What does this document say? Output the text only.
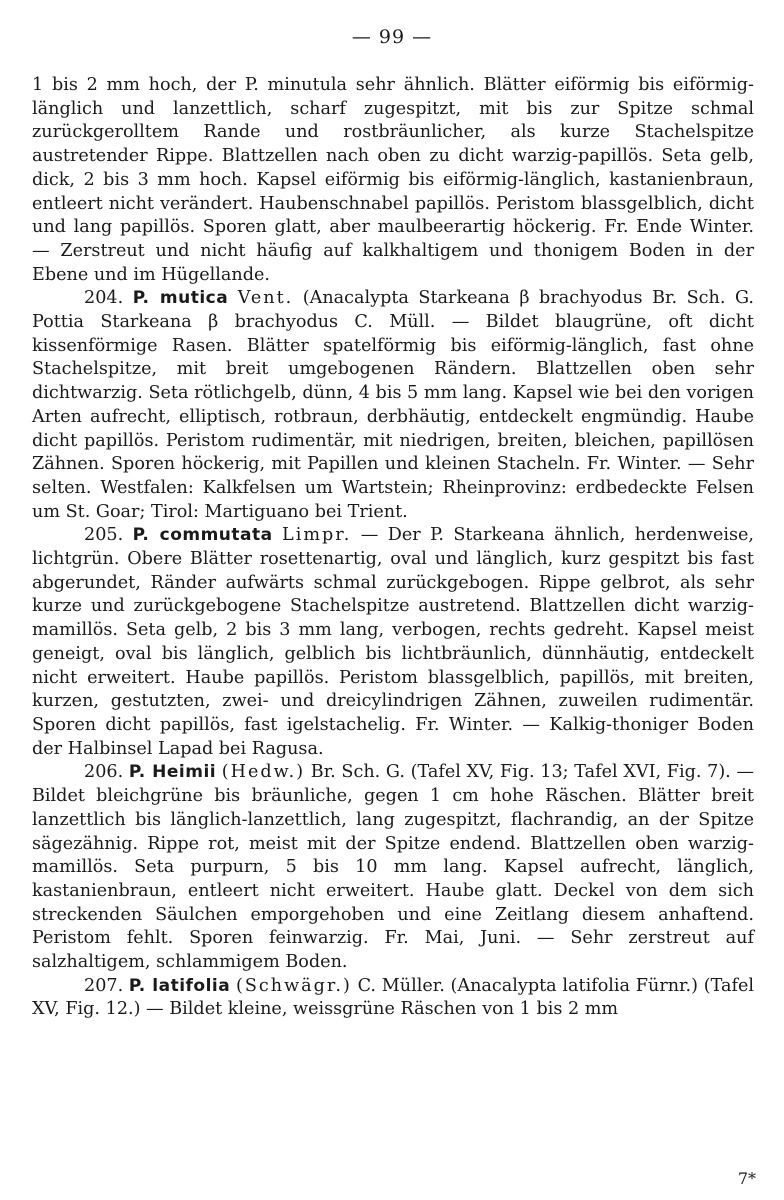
— 99 —

1 bis 2 mm hoch, der P. minutula sehr ähnlich. Blätter eiförmig bis eiförmig-länglich und lanzettlich, scharf zugespitzt, mit bis zur Spitze schmal zurückgerolltem Rande und rostbräunlicher, als kurze Stachelspitze austretender Rippe. Blattzellen nach oben zu dicht warzig-papillös. Seta gelb, dick, 2 bis 3 mm hoch. Kapsel eiförmig bis eiförmig-länglich, kastanienbraun, entleert nicht verändert. Haubenschnabel papillös. Peristom blassgelblich, dicht und lang papillös. Sporen glatt, aber maulbeerartig höckerig. Fr. Ende Winter. — Zerstreut und nicht häufig auf kalkhaltigem und thonigem Boden in der Ebene und im Hügellande.

204. P. mutica Vent. (Anacalypta Starkeana β brachyodus Br. Sch. G. Pottia Starkeana β brachyodus C. Müll. — Bildet blaugrüne, oft dicht kissenförmige Rasen. Blätter spatelförmig bis eiförmig-länglich, fast ohne Stachelspitze, mit breit umgebogenen Rändern. Blattzellen oben sehr dichtwarzig. Seta rötlichgelb, dünn, 4 bis 5 mm lang. Kapsel wie bei den vorigen Arten aufrecht, elliptisch, rotbraun, derbhäutig, entdeckelt engmündig. Haube dicht papillös. Peristom rudimentär, mit niedrigen, breiten, bleichen, papillösen Zähnen. Sporen höckerig, mit Papillen und kleinen Stacheln. Fr. Winter. — Sehr selten. Westfalen: Kalkfelsen um Wartstein; Rheinprovinz: erdbedeckte Felsen um St. Goar; Tirol: Martiguano bei Trient.

205. P. commutata Limpr. — Der P. Starkeana ähnlich, herdenweise, lichtgrün. Obere Blätter rosettenartig, oval und länglich, kurz gespitzt bis fast abgerundet, Ränder aufwärts schmal zurückgebogen. Rippe gelbrot, als sehr kurze und zurückgebogene Stachelspitze austretend. Blattzellen dicht warzig-mamillös. Seta gelb, 2 bis 3 mm lang, verbogen, rechts gedreht. Kapsel meist geneigt, oval bis länglich, gelblich bis lichtbräunlich, dünnhäutig, entdeckelt nicht erweitert. Haube papillös. Peristom blassgelblich, papillös, mit breiten, kurzen, gestutzten, zwei- und dreicylindrigen Zähnen, zuweilen rudimentär. Sporen dicht papillös, fast igelstachelig. Fr. Winter. — Kalkig-thoniger Boden der Halbinsel Lapad bei Ragusa.

206. P. Heimii (Hedw.) Br. Sch. G. (Tafel XV, Fig. 13; Tafel XVI, Fig. 7). — Bildet bleichgrüne bis bräunliche, gegen 1 cm hohe Räschen. Blätter breit lanzettlich bis länglich-lanzettlich, lang zugespitzt, flachrandig, an der Spitze sägezähnig. Rippe rot, meist mit der Spitze endend. Blattzellen oben warzig-mamillös. Seta purpurn, 5 bis 10 mm lang. Kapsel aufrecht, länglich, kastanienbraun, entleert nicht erweitert. Haube glatt. Deckel von dem sich streckenden Säulchen emporgehoben und eine Zeitlang diesem anhaftend. Peristom fehlt. Sporen feinwarzig. Fr. Mai, Juni. — Sehr zerstreut auf salzhaltigem, schlammigem Boden.

207. P. latifolia (Schwägr.) C. Müller. (Anacalypta latifolia Fürnr.) (Tafel XV, Fig. 12.) — Bildet kleine, weissgrüne Räschen von 1 bis 2 mm

7*
